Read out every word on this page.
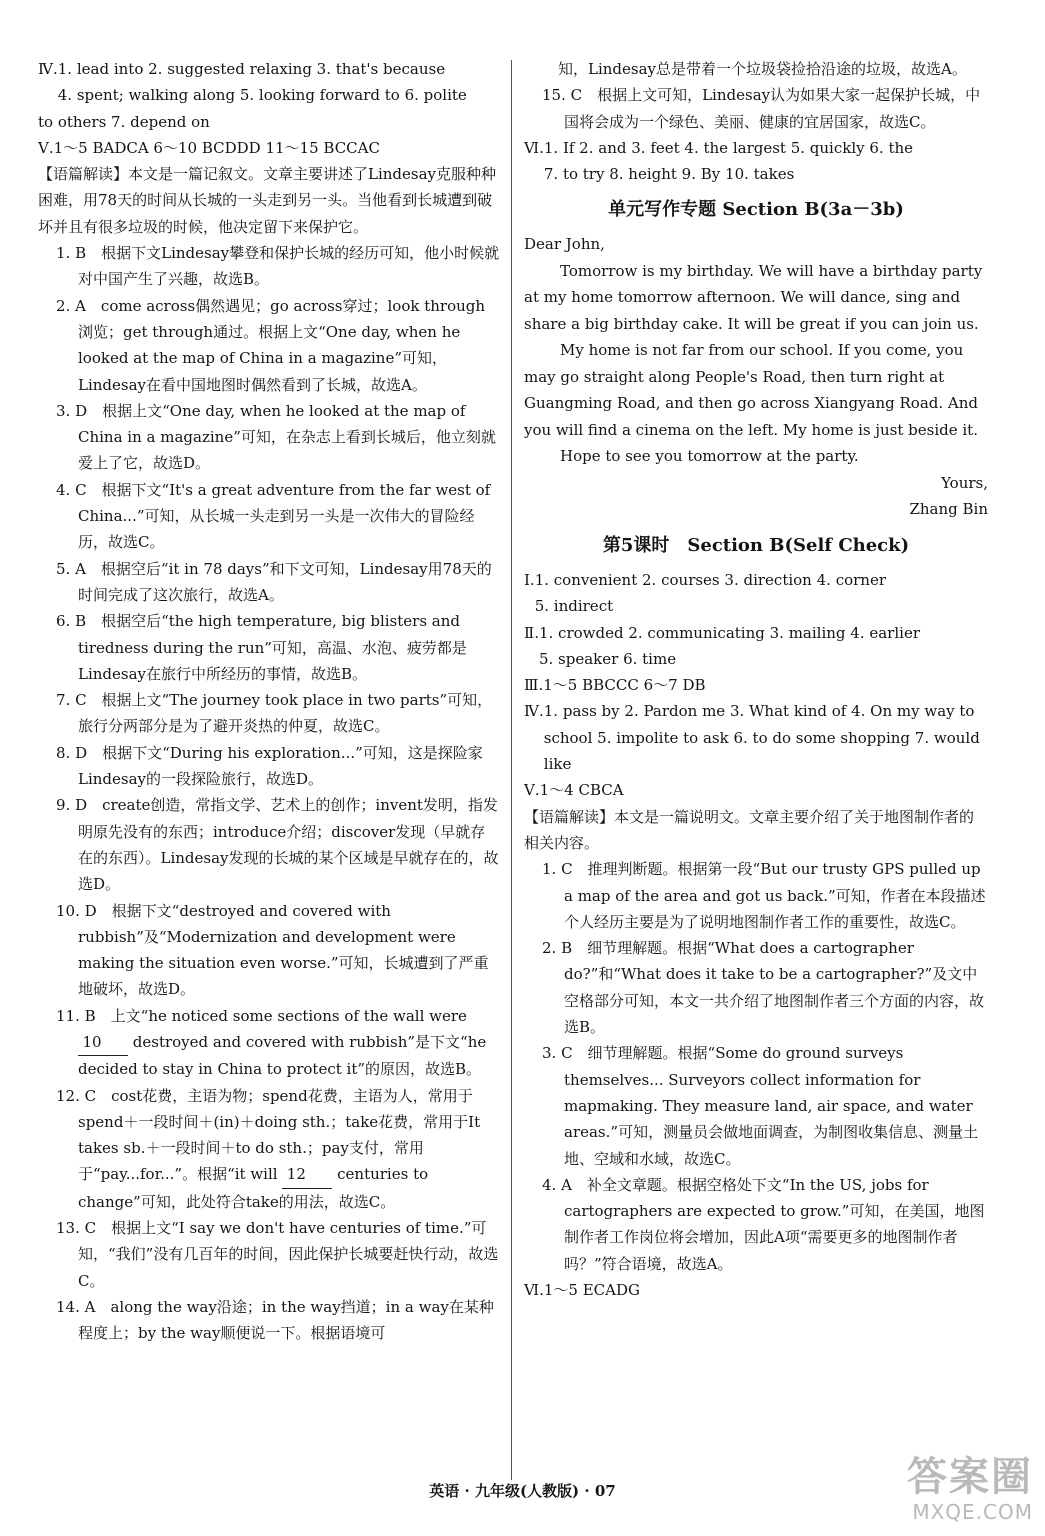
Ⅳ. 1. lead into 2. suggested relaxing 3. that's because
4. spent; walking along 5. looking forward to 6. polite
to others 7. depend on
Ⅴ. 1～5 BADCA 6～10 BCDDD 11～15 BCCAC
【语篇解读】本文是一篇记叙文。文章主要讲述了Lindesay克服种种困难，用78天的时间从长城的一头走到另一头。当他看到长城遭到破坏并且有很多垃圾的时候，他决定留下来保护它。
1. B　根据下文Lindesay攀登和保护长城的经历可知，他小时候就对中国产生了兴趣，故选B。
2. A　come across偶然遇见；go across穿过；look through浏览；get through通过。根据上文“One day, when he looked at the map of China in a magazine”可知，Lindesay在看中国地图时偶然看到了长城，故选A。
3. D　根据上文“One day, when he looked at the map of China in a magazine”可知，在杂志上看到长城后，他立刻就爱上了它，故选D。
4. C　根据下文“It's a great adventure from the far west of China...”可知，从长城一头走到另一头是一次伟大的冒险经历，故选C。
5. A　根据空后“it in 78 days”和下文可知，Lindesay用78天的时间完成了这次旅行，故选A。
6. B　根据空后“the high temperature, big blisters and tiredness during the run”可知，高温、水泡、疲劳都是Lindesay在旅行中所经历的事情，故选B。
7. C　根据上文“The journey took place in two parts”可知，旅行分两部分是为了避开炎热的仲夏，故选C。
8. D　根据下文“During his exploration...”可知，这是探险家Lindesay的一段探险旅行，故选D。
9. D　create创造，常指文学、艺术上的创作；invent发明，指发明原先没有的东西；introduce介绍；discover发现（早就存在的东西）。Lindesay发现的长城的某个区域是早就存在的，故选D。
10. D　根据下文“destroyed and covered with rubbish”及“Modernization and development were making the situation even worse.”可知，长城遭到了严重地破坏，故选D。
11. B　上文“he noticed some sections of the wall were 10 destroyed and covered with rubbish”是下文“he decided to stay in China to protect it”的原因，故选B。
12. C　cost花费，主语为物；spend花费，主语为人，常用于spend＋一段时间＋(in)＋doing sth.；take花费，常用于It takes sb.＋一段时间＋to do sth.；pay支付，常用于“pay...for...”。根据“it will 12 centuries to change”可知，此处符合take的用法，故选C。
13. C　根据上文“I say we don't have centuries of time.”可知，“我们”没有几百年的时间，因此保护长城要赶快行动，故选C。
14. A　along the way沿途；in the way挡道；in a way在某种程度上；by the way顺便说一下。根据语境可
知，Lindesay总是带着一个垃圾袋捡拾沿途的垃圾，故选A。
15. C　根据上文可知，Lindesay认为如果大家一起保护长城，中国将会成为一个绿色、美丽、健康的宜居国家，故选C。
Ⅵ. 1. If 2. and 3. feet 4. the largest 5. quickly 6. the
7. to try 8. height 9. By 10. takes
单元写作专题 Section B(3a－3b)

Dear John,

Tomorrow is my birthday. We will have a birthday party at my home tomorrow afternoon. We will dance, sing and share a big birthday cake. It will be great if you can join us.

My home is not far from our school. If you come, you may go straight along People's Road, then turn right at Guangming Road, and then go across Xiangyang Road. And you will find a cinema on the left. My home is just beside it.

Hope to see you tomorrow at the party.

Yours,

Zhang Bin

第5课时　Section B(Self Check)
Ⅰ. 1. convenient 2. courses 3. direction 4. corner
5. indirect
Ⅱ. 1. crowded 2. communicating 3. mailing 4. earlier
5. speaker 6. time
Ⅲ. 1～5 BBCCC 6～7 DB
Ⅳ. 1. pass by 2. Pardon me 3. What kind of 4. On my way to school 5. impolite to ask 6. to do some shopping 7. would like
Ⅴ. 1～4 CBCA
【语篇解读】本文是一篇说明文。文章主要介绍了关于地图制作者的相关内容。
1. C　推理判断题。根据第一段“But our trusty GPS pulled up a map of the area and got us back.”可知，作者在本段描述个人经历主要是为了说明地图制作者工作的重要性，故选C。
2. B　细节理解题。根据“What does a cartographer do?”和“What does it take to be a cartographer?”及文中空格部分可知，本文一共介绍了地图制作者三个方面的内容，故选B。
3. C　细节理解题。根据“Some do ground surveys themselves... Surveyors collect information for mapmaking. They measure land, air space, and water areas.”可知，测量员会做地面调查，为制图收集信息、测量土地、空域和水域，故选C。
4. A　补全文章题。根据空格处下文“In the US, jobs for cartographers are expected to grow.”可知，在美国，地图制作者工作岗位将会增加，因此A项“需要更多的地图制作者吗？”符合语境，故选A。
Ⅵ. 1～5 ECADG
英语 · 九年级(人教版) · 07	答案圈
MXQE.COM
